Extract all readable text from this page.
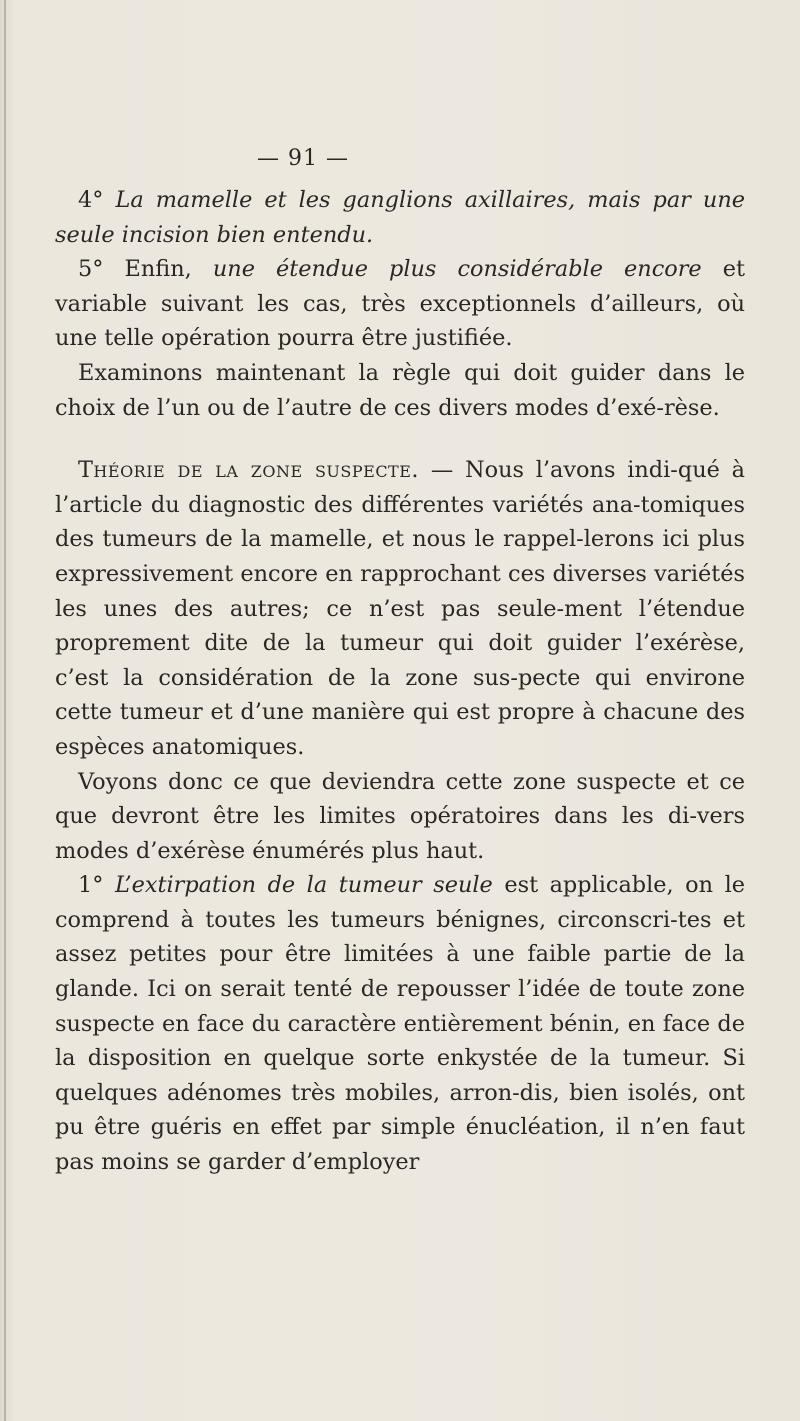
— 91 —

4° La mamelle et les ganglions axillaires, mais par une seule incision bien entendu.

5° Enfin, une étendue plus considérable encore et variable suivant les cas, très exceptionnels d’ailleurs, où une telle opération pourra être justifiée.

Examinons maintenant la règle qui doit guider dans le choix de l’un ou de l’autre de ces divers modes d’exé-rèse.

Théorie de la zone suspecte. — Nous l’avons indi-qué à l’article du diagnostic des différentes variétés ana-tomiques des tumeurs de la mamelle, et nous le rappel-lerons ici plus expressivement encore en rapprochant ces diverses variétés les unes des autres; ce n’est pas seule-ment l’étendue proprement dite de la tumeur qui doit guider l’exérèse, c’est la considération de la zone sus-pecte qui environe cette tumeur et d’une manière qui est propre à chacune des espèces anatomiques.

Voyons donc ce que deviendra cette zone suspecte et ce que devront être les limites opératoires dans les di-vers modes d’exérèse énumérés plus haut.

1° L’extirpation de la tumeur seule est applicable, on le comprend à toutes les tumeurs bénignes, circonscri-tes et assez petites pour être limitées à une faible partie de la glande. Ici on serait tenté de repousser l’idée de toute zone suspecte en face du caractère entièrement bénin, en face de la disposition en quelque sorte enkystée de la tumeur. Si quelques adénomes très mobiles, arron-dis, bien isolés, ont pu être guéris en effet par simple énucléation, il n’en faut pas moins se garder d’employer
